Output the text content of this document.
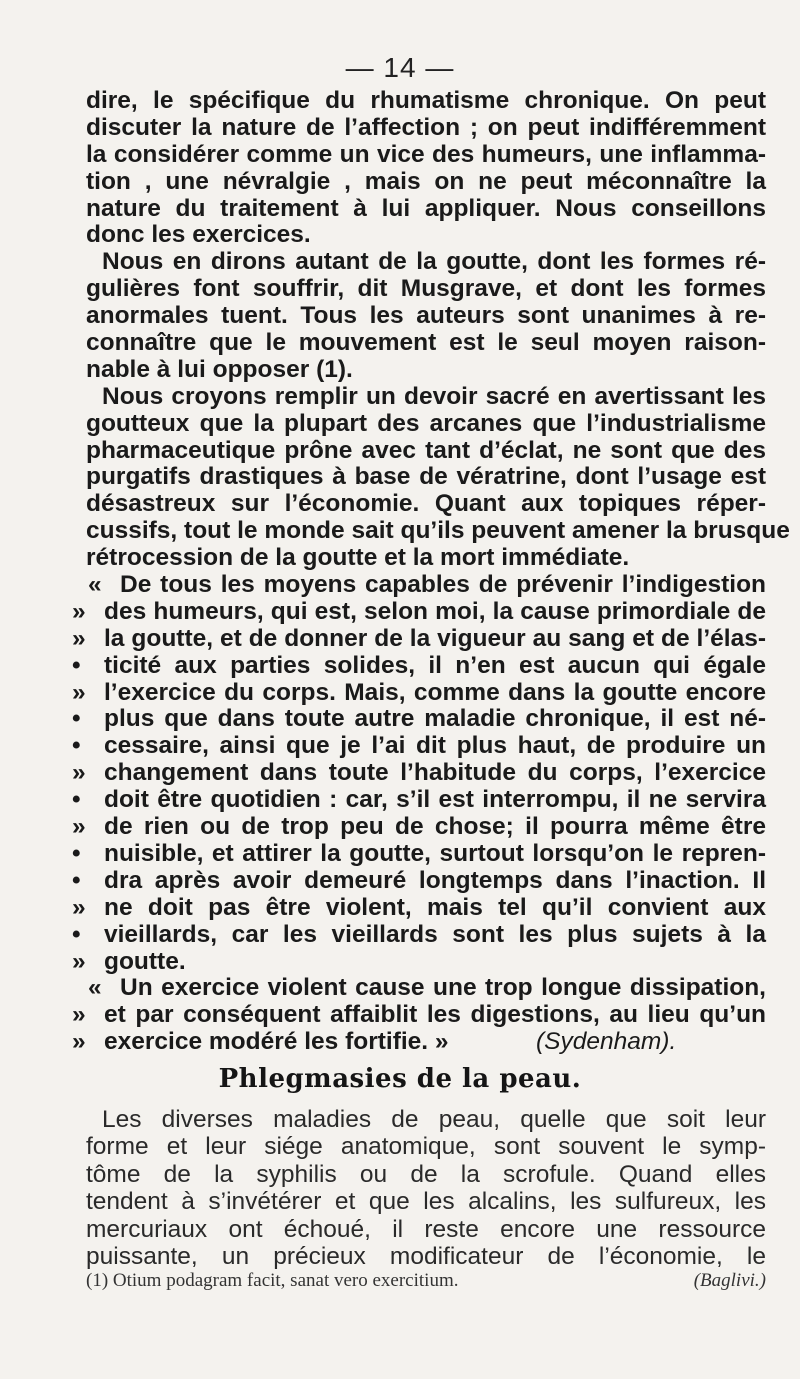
— 14 —
dire, le spécifique du rhumatisme chronique. On peut
discuter la nature de l’affection ; on peut indifféremment
la considérer comme un vice des humeurs, une inflamma-
tion , une névralgie , mais on ne peut méconnaître la
nature du traitement à lui appliquer. Nous conseillons
donc les exercices.
Nous en dirons autant de la goutte, dont les formes ré-
gulières font souffrir, dit Musgrave, et dont les formes
anormales tuent. Tous les auteurs sont unanimes à re-
connaître que le mouvement est le seul moyen raison-
nable à lui opposer (1).
Nous croyons remplir un devoir sacré en avertissant les
goutteux que la plupart des arcanes que l’industrialisme
pharmaceutique prône avec tant d’éclat, ne sont que des
purgatifs drastiques à base de vératrine, dont l’usage est
désastreux sur l’économie. Quant aux topiques réper-
cussifs, tout le monde sait qu’ils peuvent amener la brusque
rétrocession de la goutte et la mort immédiate.
« De tous les moyens capables de prévenir l’indigestion
» des humeurs, qui est, selon moi, la cause primordiale de
» la goutte, et de donner de la vigueur au sang et de l’élas-
• ticité aux parties solides, il n’en est aucun qui égale
» l’exercice du corps. Mais, comme dans la goutte encore
• plus que dans toute autre maladie chronique, il est né-
• cessaire, ainsi que je l’ai dit plus haut, de produire un
» changement dans toute l’habitude du corps, l’exercice
• doit être quotidien : car, s’il est interrompu, il ne servira
» de rien ou de trop peu de chose; il pourra même être
• nuisible, et attirer la goutte, surtout lorsqu’on le repren-
• dra après avoir demeuré longtemps dans l’inaction. Il
» ne doit pas être violent, mais tel qu’il convient aux
• vieillards, car les vieillards sont les plus sujets à la
» goutte.
« Un exercice violent cause une trop longue dissipation,
» et par conséquent affaiblit les digestions, au lieu qu’un
» exercice modéré les fortifie. »	(Sydenham).
Phlegmasies de la peau.
Les diverses maladies de peau, quelle que soit leur
forme et leur siége anatomique, sont souvent le symp-
tôme de la syphilis ou de la scrofule. Quand elles
tendent à s’invétérer et que les alcalins, les sulfureux, les
mercuriaux ont échoué, il reste encore une ressource
puissante, un précieux modificateur de l’économie, le
(1) Otium podagram facit, sanat vero exercitium.	(Baglivi.)
